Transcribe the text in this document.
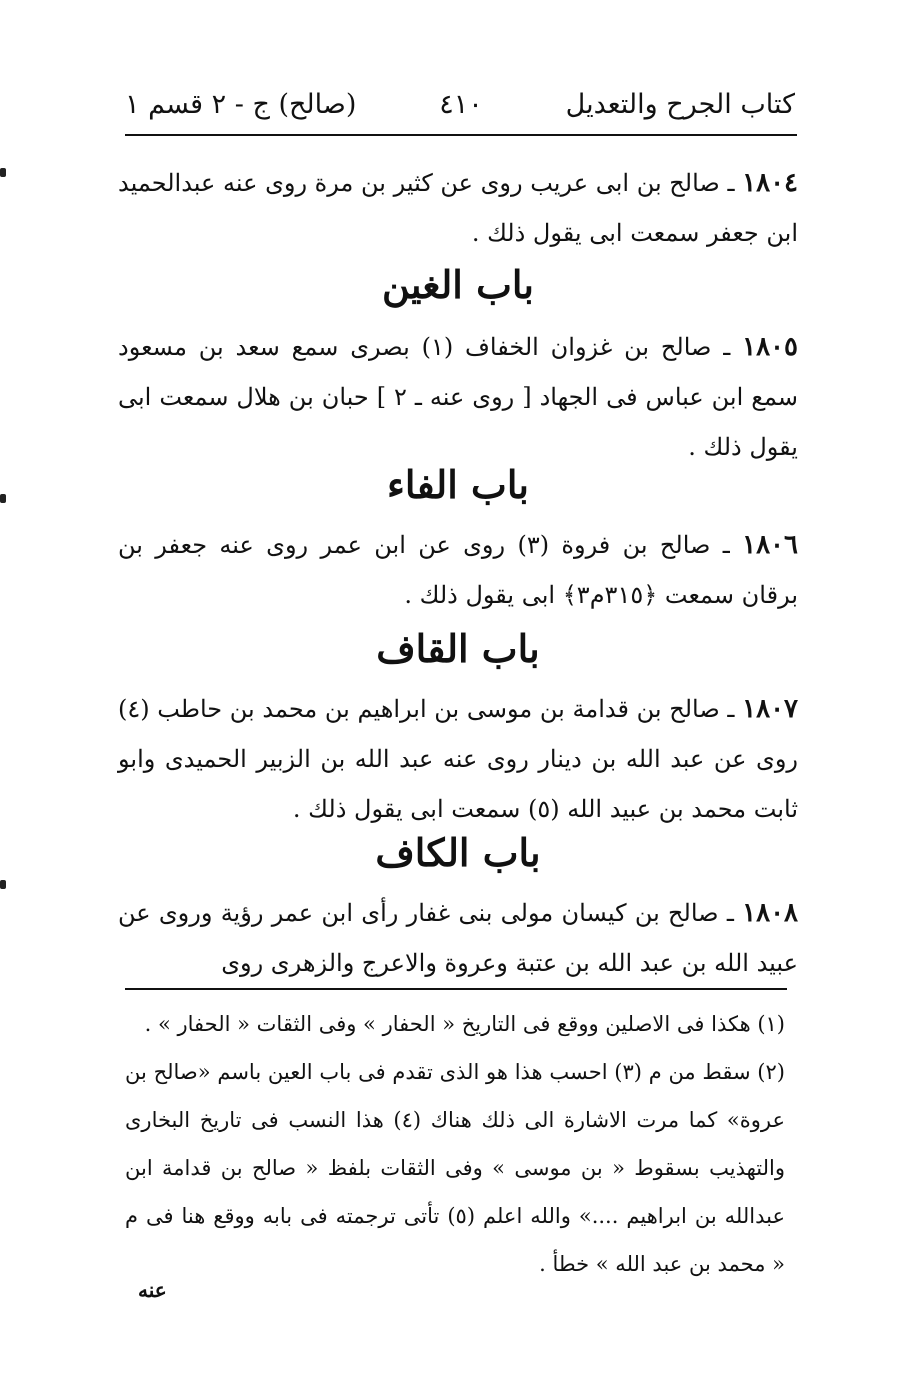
كتاب الجرح والتعديل
٤١٠
(صالح) ج - ٢ قسم ١

١٨٠٤ ـ صالح بن ابى عريب روى عن كثير بن مرة روى عنه عبدالحميد ابن جعفر سمعت ابى يقول ذلك .

باب الغين

١٨٠٥ ـ صالح بن غزوان الخفاف (١) بصرى سمع سعد بن مسعود سمع ابن عباس فى الجهاد [ روى عنه ـ ٢ ] حبان بن هلال سمعت ابى يقول ذلك .

باب الفاء

١٨٠٦ ـ صالح بن فروة (٣) روى عن ابن عمر روى عنه جعفر بن برقان سمعت ﴿٣١٥م٣﴾ ابى يقول ذلك .

باب القاف

١٨٠٧ ـ صالح بن قدامة بن موسى بن ابراهيم بن محمد بن حاطب (٤) روى عن عبد الله بن دينار روى عنه عبد الله بن الزبير الحميدى وابو ثابت محمد بن عبيد الله (٥) سمعت ابى يقول ذلك .

باب الكاف

١٨٠٨ ـ صالح بن كيسان مولى بنى غفار رأى ابن عمر رؤية وروى عن عبيد الله بن عبد الله بن عتبة وعروة والاعرج والزهرى روى

(١) هكذا فى الاصلين ووقع فى التاريخ « الحفار » وفى الثقات « الحفار » .
(٢) سقط من م (٣) احسب هذا هو الذى تقدم فى باب العين باسم «صالح بن عروة» كما مرت الاشارة الى ذلك هناك (٤) هذا النسب فى تاريخ البخارى والتهذيب بسقوط « بن موسى » وفى الثقات بلفظ « صالح بن قدامة ابن عبدالله بن ابراهيم ....» والله اعلم (٥) تأتى ترجمته فى بابه ووقع هنا فى م « محمد بن عبد الله » خطأ .
عنه
